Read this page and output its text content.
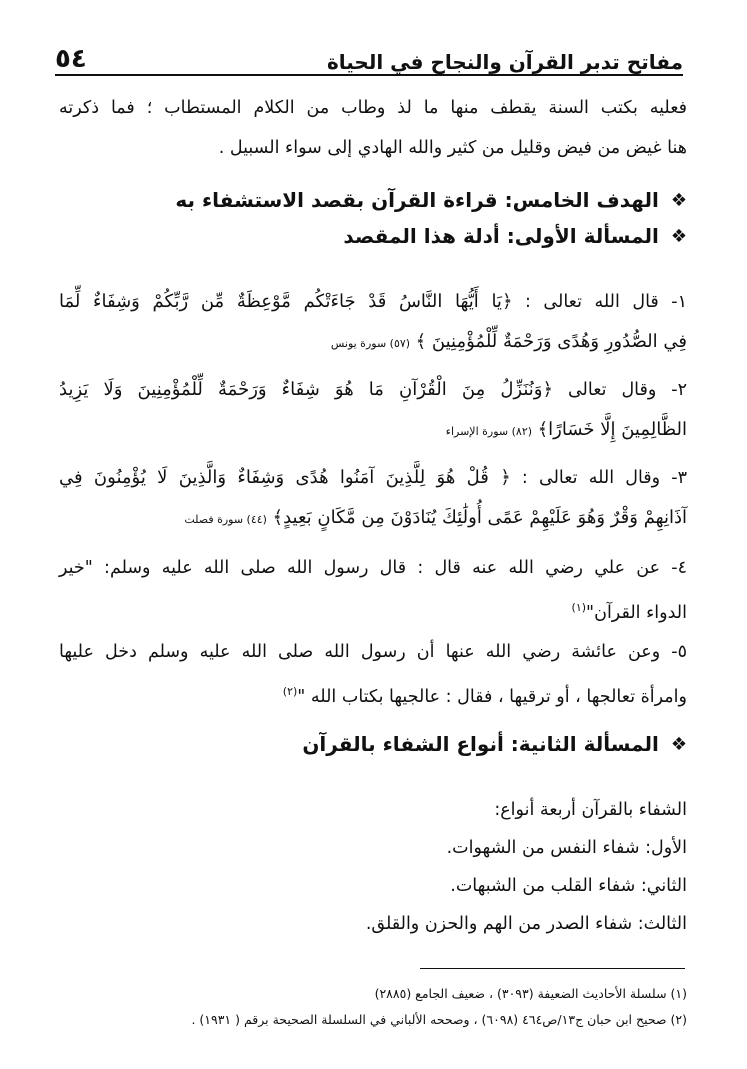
مفاتح تدبر القرآن والنجاح في الحياة
٥٤
فعليه بكتب السنة يقطف منها ما لذ وطاب من الكلام المستطاب ؛ فما ذكرته
هنا غيض من فيض وقليل من كثير والله الهادي إلى سواء السبيل .
❖
الهدف الخامس: قراءة القرآن بقصد الاستشفاء به
❖
المسألة الأولى: أدلة هذا المقصد
١- قال الله تعالى : ﴿يَا أَيُّهَا النَّاسُ قَدْ جَاءَتْكُم مَّوْعِظَةٌ مِّن رَّبِّكُمْ وَشِفَاءٌ لِّمَا
فِي الصُّدُورِ وَهُدًى وَرَحْمَةٌ لِّلْمُؤْمِنِينَ ﴾ (٥٧) سورة يونس
٢- وقال تعالى ﴿وَنُنَزِّلُ مِنَ الْقُرْآنِ مَا هُوَ شِفَاءٌ وَرَحْمَةٌ لِّلْمُؤْمِنِينَ وَلَا يَزِيدُ
الظَّالِمِينَ إِلَّا خَسَارًا﴾ (٨٢) سورة الإسراء
٣- وقال الله تعالى : ﴿ قُلْ هُوَ لِلَّذِينَ آمَنُوا هُدًى وَشِفَاءٌ وَالَّذِينَ لَا يُؤْمِنُونَ فِي
آذَانِهِمْ وَقْرٌ وَهُوَ عَلَيْهِمْ عَمًى أُولَٰئِكَ يُنَادَوْنَ مِن مَّكَانٍ بَعِيدٍ﴾ (٤٤) سورة فصلت
٤- عن علي رضي الله عنه قال : قال رسول الله صلى الله عليه وسلم: "خير
الدواء القرآن"$^{(١)}$
٥- وعن عائشة رضي الله عنها أن رسول الله صلى الله عليه وسلم دخل عليها
وامرأة تعالجها ، أو ترقيها ، فقال : عالجيها بكتاب الله "$^{(٢)}$
❖
المسألة الثانية: أنواع الشفاء بالقرآن
الشفاء بالقرآن أربعة أنواع:
الأول: شفاء النفس من الشهوات.
الثاني: شفاء القلب من الشبهات.
الثالث: شفاء الصدر من الهم والحزن والقلق.
(١) سلسلة الأحاديث الضعيفة (٣٠٩٣) ، ضعيف الجامع (٢٨٨٥)
(٢) صحيح ابن حبان ج١٣/ص٤٦٤ (٦٠٩٨) ، وصححه الألباني في السلسلة الصحيحة برقم ( ١٩٣١) .
